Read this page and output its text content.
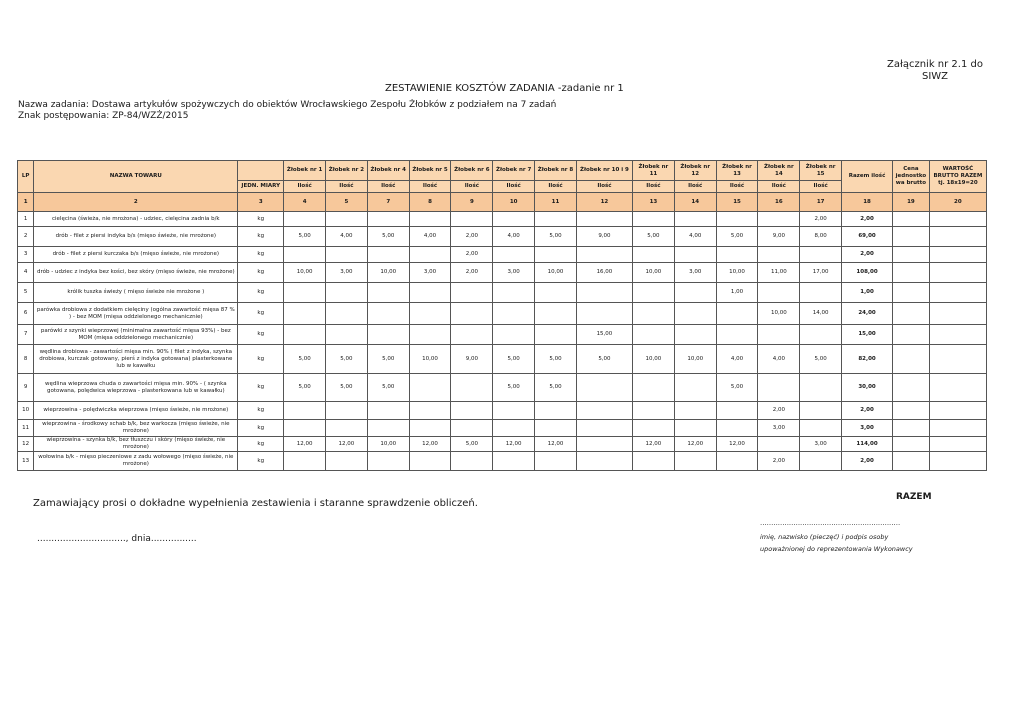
Załącznik nr 2.1 do SIWZ
ZESTAWIENIE KOSZTÓW ZADANIA -zadanie nr 1
Nazwa zadania: Dostawa artykułów spożywczych do obiektów Wrocławskiego Zespołu Żłobków z podziałem na 7 zadań
Znak postępowania: ZP-84/WZŻ/2015
LP	NAZWA TOWARU		Żłobek nr 1	Żłobek nr 2	Żłobek nr 4	Żłobek nr 5	Żłobek nr 6	Żłobek nr 7	Żłobek nr 8	Żłobek nr 10 i 9	Żłobek nr 11	Żłobek nr 12	Żłobek nr 13	Żłobek nr 14	Żłobek nr 15	Razem ilość	Cena jednostko wa brutto	WARTOŚĆ BRUTTO RAZEM tj. 18x19=20
		JEDN. MIARY	Ilość	Ilość	Ilość	Ilość	Ilość	Ilość	Ilość	Ilość	Ilość	Ilość	Ilość	Ilość	Ilość			
1	2	3	4	5	7	8	9	10	11	12	13	14	15	16	17	18	19	20
1	cielęcina (świeża, nie mrożona) - udziec, cielęcina zadnia b/k	kg													2,00	2,00		
2	drób - filet z piersi indyka b/s (mięso świeże, nie mrożone)	kg	5,00	4,00	5,00	4,00	2,00	4,00	5,00	9,00	5,00	4,00	5,00	9,00	8,00	69,00		
3	drób - filet z piersi kurczaka b/s (mięso świeże, nie mrożone)	kg					2,00									2,00		
4	drób - udziec z indyka bez kości, bez skóry (mięso świeże, nie mrożone)	kg	10,00	3,00	10,00	3,00	2,00	3,00	10,00	16,00	10,00	3,00	10,00	11,00	17,00	108,00		
5	królik tuszka świeży ( mięso świeże nie mrożone )	kg											1,00			1,00		
6	parówka drobiowa z dodatkiem cielęciny (ogólna zawartość mięsa 87 % ) - bez MOM (mięsa oddzielonego mechanicznie)	kg												10,00	14,00	24,00		
7	parówki z szynki wieprzowej (minimalna zawartość mięsa 93%) - bez MOM (mięsa oddzielonego mechanicznie)	kg								15,00						15,00		
8	wędlina drobiowa - zawartości mięsa min. 90% ( filet z indyka, szynka drobiowa, kurczak gotowany, pierś z indyka gotowana) plasterkowane lub w kawałku	kg	5,00	5,00	5,00	10,00	9,00	5,00	5,00	5,00	10,00	10,00	4,00	4,00	5,00	82,00		
9	wędlina wieprzowa chuda o zawartości mięsa min. 90% - ( szynka gotowana, polędwica wieprzowa - plasterkowana lub w kawałku)	kg	5,00	5,00	5,00			5,00	5,00				5,00			30,00		
10	wieprzowina - polędwiczka wieprzowa (mięso świeże, nie mrożone)	kg												2,00		2,00		
11	wieprzowina - środkowy schab b/k, bez warkocza (mięso świeże, nie mrożone)	kg												3,00		3,00		
12	wieprzowina - szynka b/k, bez tłuszczu i skóry (mięso świeże, nie mrożone)	kg	12,00	12,00	10,00	12,00	5,00	12,00	12,00		12,00	12,00	12,00		3,00	114,00		
13	wołowina b/k - mięso pieczeniowe z zadu wołowego (mięso świeże, nie mrożone)	kg												2,00		2,00		
RAZEM
Zamawiający prosi o dokładne wypełnienia zestawienia i staranne sprawdzenie obliczeń.
..............................., dnia................
...............................................................
imię, nazwisko (pieczęć) i podpis osoby
upoważnionej do reprezentowania Wykonawcy
